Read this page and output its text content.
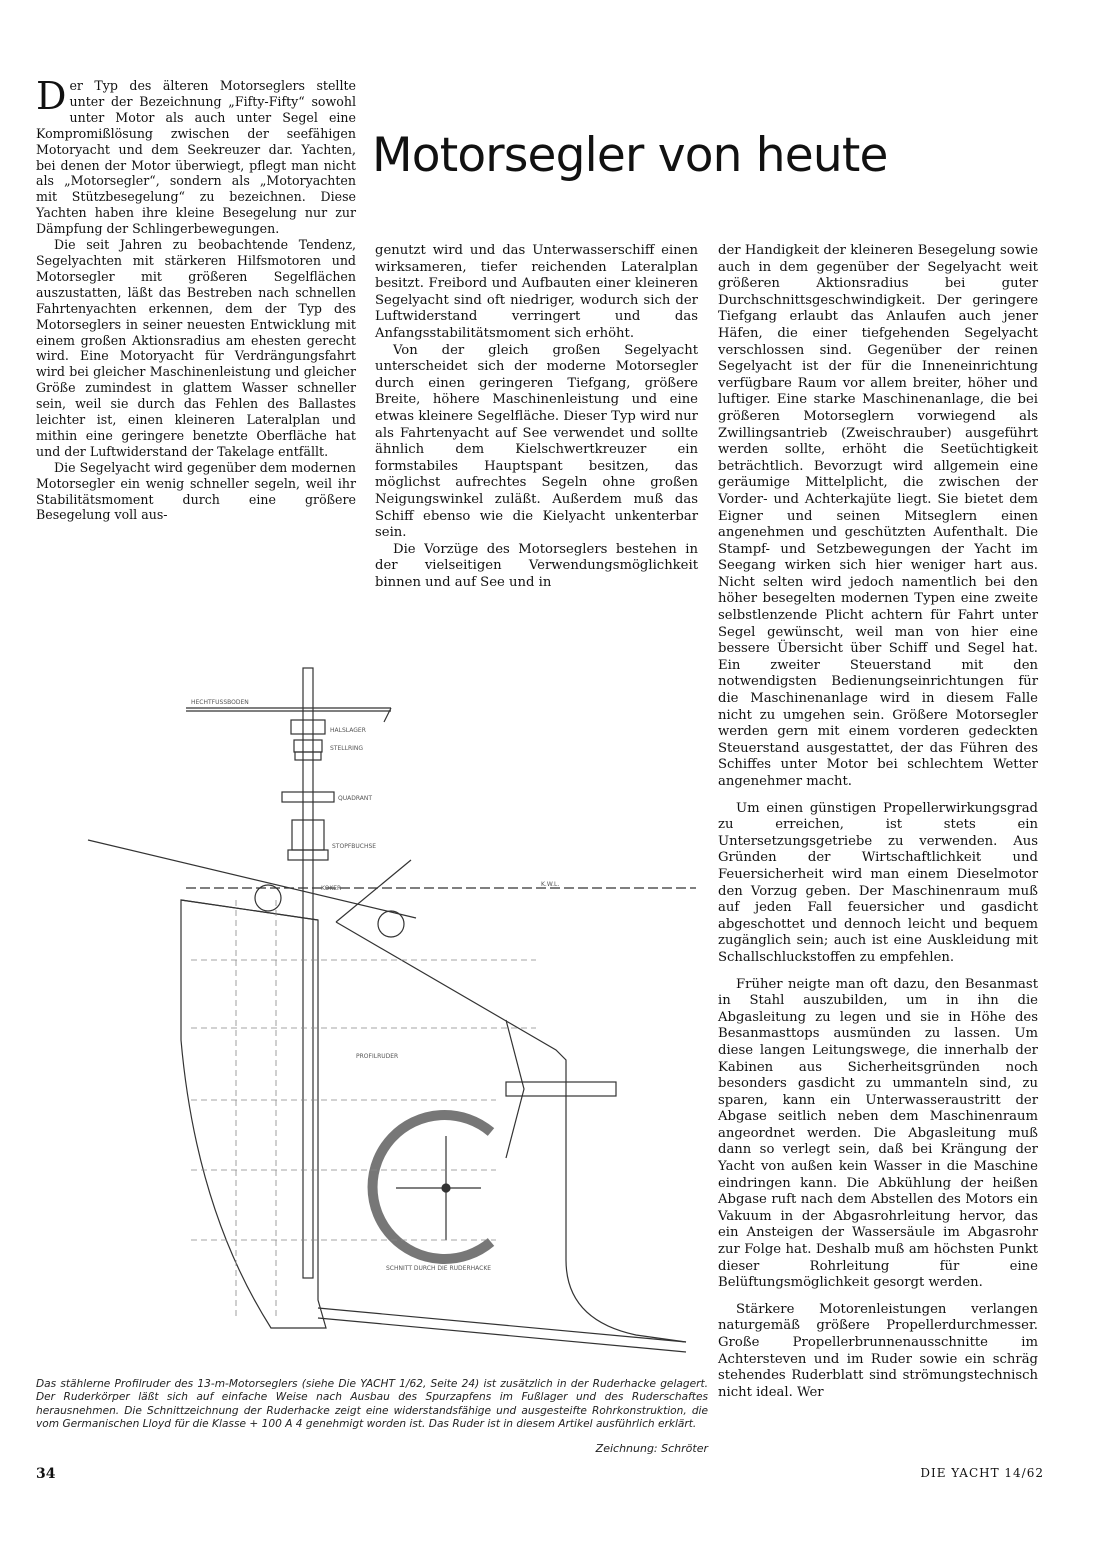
Der Typ des älteren Motorseglers stellte unter der Bezeichnung „Fifty-Fifty“ sowohl unter Motor als auch unter Segel eine Kompromißlösung zwischen der seefähigen Motoryacht und dem Seekreuzer dar. Yachten, bei denen der Motor überwiegt, pflegt man nicht als „Motorsegler“, sondern als „Motoryachten mit Stützbesegelung“ zu bezeichnen. Diese Yachten haben ihre kleine Besegelung nur zur Dämpfung der Schlingerbewegungen.

Die seit Jahren zu beobachtende Tendenz, Segelyachten mit stärkeren Hilfsmotoren und Motorsegler mit größeren Segelflächen auszustatten, läßt das Bestreben nach schnellen Fahrtenyachten erkennen, dem der Typ des Motorseglers in seiner neuesten Entwicklung mit einem großen Aktionsradius am ehesten gerecht wird. Eine Motoryacht für Verdrängungsfahrt wird bei gleicher Maschinenleistung und gleicher Größe zumindest in glattem Wasser schneller sein, weil sie durch das Fehlen des Ballastes leichter ist, einen kleineren Lateralplan und mithin eine geringere benetzte Oberfläche hat und der Luftwiderstand der Takelage entfällt.

Die Segelyacht wird gegenüber dem modernen Motorsegler ein wenig schneller segeln, weil ihr Stabilitätsmoment durch eine größere Besegelung voll aus-

Motorsegler von heute

genutzt wird und das Unterwasserschiff einen wirksameren, tiefer reichenden Lateralplan besitzt. Freibord und Aufbauten einer kleineren Segelyacht sind oft niedriger, wodurch sich der Luftwiderstand verringert und das Anfangsstabilitätsmoment sich erhöht.

Von der gleich großen Segelyacht unterscheidet sich der moderne Motorsegler durch einen geringeren Tiefgang, größere Breite, höhere Maschinenleistung und eine etwas kleinere Segelfläche. Dieser Typ wird nur als Fahrtenyacht auf See verwendet und sollte ähnlich dem Kielschwertkreuzer ein formstabiles Hauptspant besitzen, das möglichst aufrechtes Segeln ohne großen Neigungswinkel zuläßt. Außerdem muß das Schiff ebenso wie die Kielyacht unkenterbar sein.

Die Vorzüge des Motorseglers bestehen in der vielseitigen Verwendungsmöglichkeit binnen und auf See und in

der Handigkeit der kleineren Besegelung sowie auch in dem gegenüber der Segelyacht weit größeren Aktionsradius bei guter Durchschnittsgeschwindigkeit. Der geringere Tiefgang erlaubt das Anlaufen auch jener Häfen, die einer tiefgehenden Segelyacht verschlossen sind. Gegenüber der reinen Segelyacht ist der für die Inneneinrichtung verfügbare Raum vor allem breiter, höher und luftiger. Eine starke Maschinenanlage, die bei größeren Motorseglern vorwiegend als Zwillingsantrieb (Zweischrauber) ausgeführt werden sollte, erhöht die Seetüchtigkeit beträchtlich. Bevorzugt wird allgemein eine geräumige Mittelplicht, die zwischen der Vorder- und Achterkajüte liegt. Sie bietet dem Eigner und seinen Mitseglern einen angenehmen und geschützten Aufenthalt. Die Stampf- und Setzbewegungen der Yacht im Seegang wirken sich hier weniger hart aus. Nicht selten wird jedoch namentlich bei den höher besegelten modernen Typen eine zweite selbstlenzende Plicht achtern für Fahrt unter Segel gewünscht, weil man von hier eine bessere Übersicht über Schiff und Segel hat. Ein zweiter Steuerstand mit den notwendigsten Bedienungseinrichtungen für die Maschinenanlage wird in diesem Falle nicht zu umgehen sein. Größere Motorsegler werden gern mit einem vorderen gedeckten Steuerstand ausgestattet, der das Führen des Schiffes unter Motor bei schlechtem Wetter angenehmer macht.

Um einen günstigen Propellerwirkungsgrad zu erreichen, ist stets ein Untersetzungsgetriebe zu verwenden. Aus Gründen der Wirtschaftlichkeit und Feuersicherheit wird man einem Dieselmotor den Vorzug geben. Der Maschinenraum muß auf jeden Fall feuersicher und gasdicht abgeschottet und dennoch leicht und bequem zugänglich sein; auch ist eine Auskleidung mit Schallschluckstoffen zu empfehlen.

Früher neigte man oft dazu, den Besanmast in Stahl auszubilden, um in ihn die Abgasleitung zu legen und sie in Höhe des Besanmasttops ausmünden zu lassen. Um diese langen Leitungswege, die innerhalb der Kabinen aus Sicherheitsgründen noch besonders gasdicht zu ummanteln sind, zu sparen, kann ein Unterwasseraustritt der Abgase seitlich neben dem Maschinenraum angeordnet werden. Die Abgasleitung muß dann so verlegt sein, daß bei Krängung der Yacht von außen kein Wasser in die Maschine eindringen kann. Die Abkühlung der heißen Abgase ruft nach dem Abstellen des Motors ein Vakuum in der Abgasrohrleitung hervor, das ein Ansteigen der Wassersäule im Abgasrohr zur Folge hat. Deshalb muß am höchsten Punkt dieser Rohrleitung für eine Belüftungsmöglichkeit gesorgt werden.

Stärkere Motorenleistungen verlangen naturgemäß größere Propellerdurchmesser. Große Propellerbrunnenausschnitte im Achtersteven und im Ruder sowie ein schräg stehendes Ruderblatt sind strömungstechnisch nicht ideal. Wer

HECHTFUSSBODEN
HALSLAGER
STELLRING
QUADRANT
STOPFBUCHSE
KOKER
K.W.L.
PROFILRUDER
SCHNITT DURCH DIE RUDERHACKE
Das stählerne Profilruder des 13-m-Motorseglers (siehe Die YACHT 1/62, Seite 24) ist zusätzlich in der Ruderhacke gelagert. Der Ruderkörper läßt sich auf einfache Weise nach Ausbau des Spurzapfens im Fußlager und des Ruderschaftes herausnehmen. Die Schnittzeichnung der Ruderhacke zeigt eine widerstandsfähige und ausgesteifte Rohrkonstruktion, die vom Germanischen Lloyd für die Klasse + 100 A 4 genehmigt worden ist. Das Ruder ist in diesem Artikel ausführlich erklärt.
Zeichnung: Schröter
34	DIE YACHT 14/62
